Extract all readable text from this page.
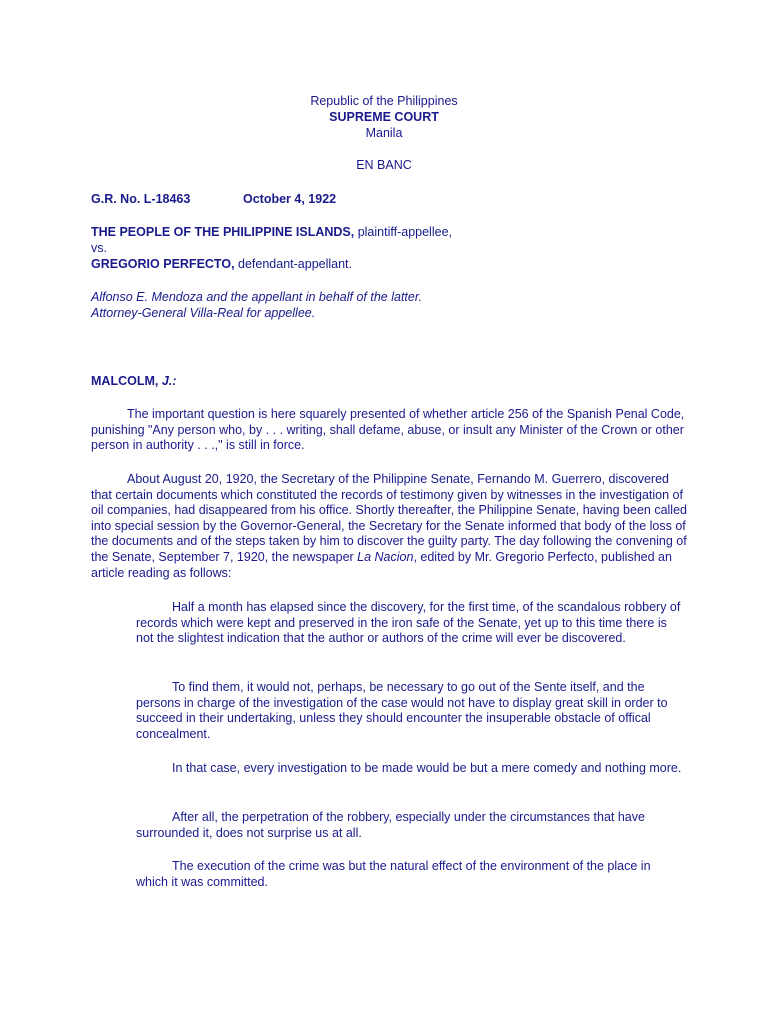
Republic of the Philippines
SUPREME COURT
Manila
EN BANC
G.R. No. L-18463	October 4, 1922
THE PEOPLE OF THE PHILIPPINE ISLANDS, plaintiff-appellee,
vs.
GREGORIO PERFECTO, defendant-appellant.
Alfonso E. Mendoza and the appellant in behalf of the latter.
Attorney-General Villa-Real for appellee.
MALCOLM, J.:

The important question is here squarely presented of whether article 256 of the Spanish Penal Code, punishing "Any person who, by . . . writing, shall defame, abuse, or insult any Minister of the Crown or other person in authority . . .," is still in force.

About August 20, 1920, the Secretary of the Philippine Senate, Fernando M. Guerrero, discovered that certain documents which constituted the records of testimony given by witnesses in the investigation of oil companies, had disappeared from his office. Shortly thereafter, the Philippine Senate, having been called into special session by the Governor-General, the Secretary for the Senate informed that body of the loss of the documents and of the steps taken by him to discover the guilty party. The day following the convening of the Senate, September 7, 1920, the newspaper La Nacion, edited by Mr. Gregorio Perfecto, published an article reading as follows:

Half a month has elapsed since the discovery, for the first time, of the scandalous robbery of records which were kept and preserved in the iron safe of the Senate, yet up to this time there is not the slightest indication that the author or authors of the crime will ever be discovered.

To find them, it would not, perhaps, be necessary to go out of the Sente itself, and the persons in charge of the investigation of the case would not have to display great skill in order to succeed in their undertaking, unless they should encounter the insuperable obstacle of offical concealment.

In that case, every investigation to be made would be but a mere comedy and nothing more.

After all, the perpetration of the robbery, especially under the circumstances that have surrounded it, does not surprise us at all.

The execution of the crime was but the natural effect of the environment of the place in which it was committed.
